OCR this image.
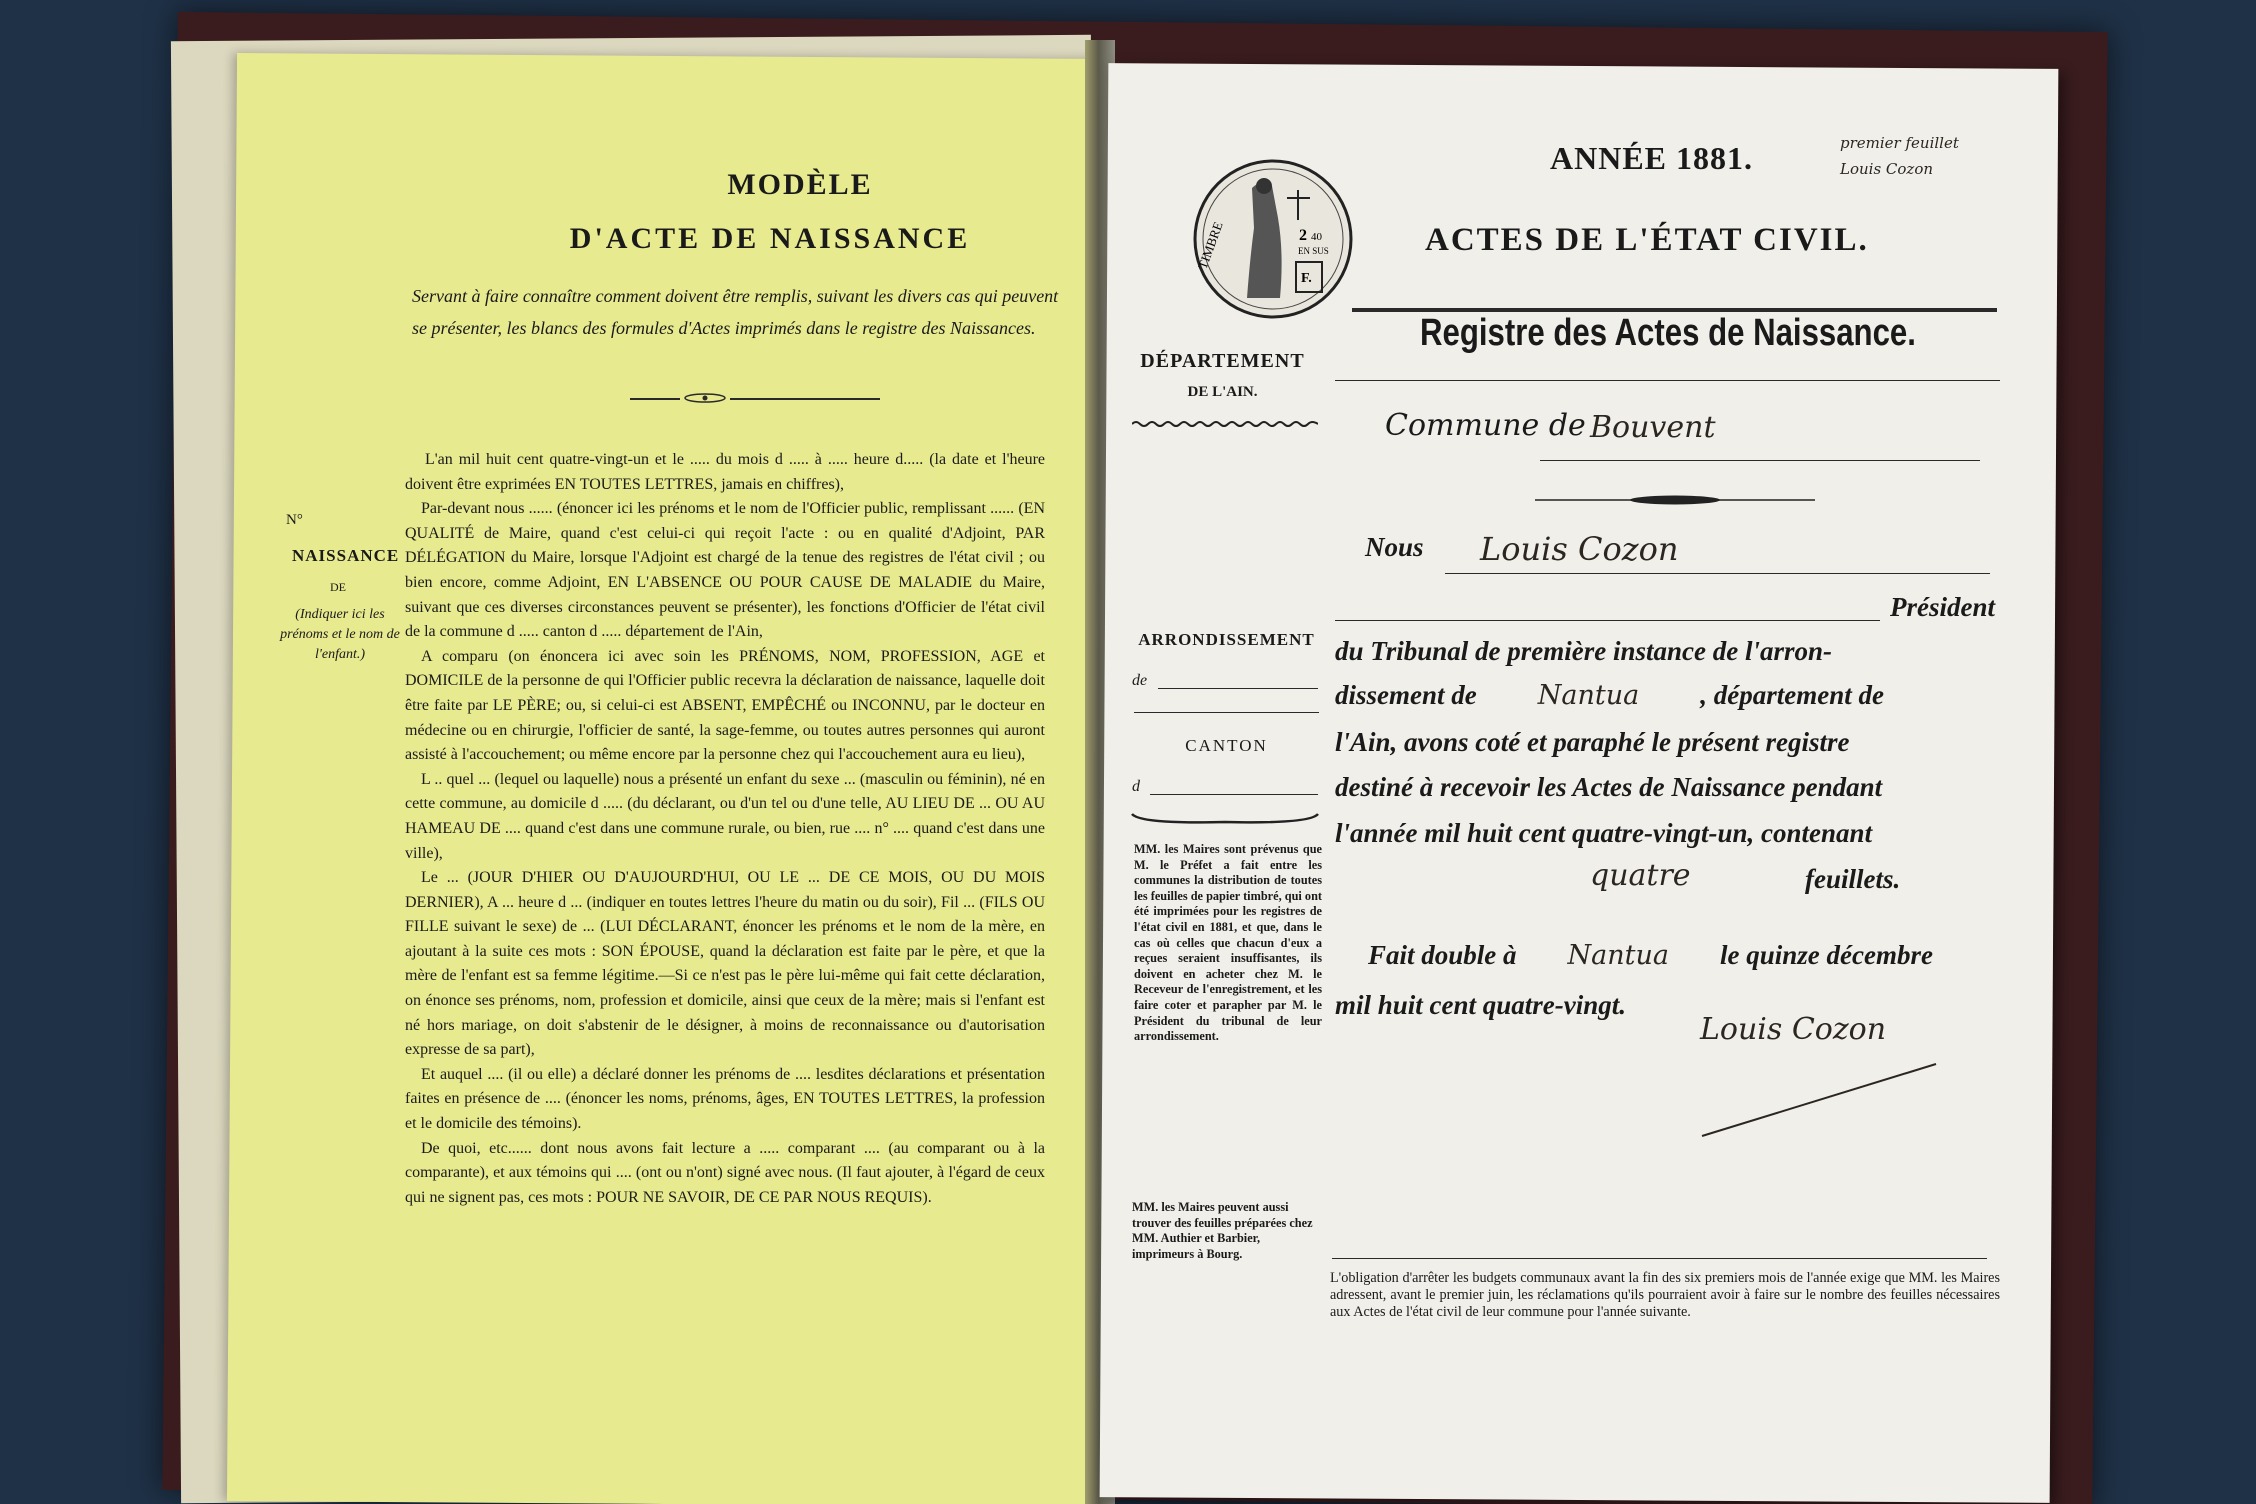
MODÈLE
D'ACTE DE NAISSANCE
Servant à faire connaître comment doivent être remplis, suivant les divers cas qui peuvent se présenter, les blancs des formules d'Actes imprimés dans le registre des Naissances.
N°
NAISSANCE
DE
(Indiquer ici les prénoms et le nom de l'enfant.)

L'an mil huit cent quatre-vingt-un et le ..... du mois d ..... à ..... heure d..... (la date et l'heure doivent être exprimées EN TOUTES LETTRES, jamais en chiffres),

Par-devant nous ...... (énoncer ici les prénoms et le nom de l'Officier public, remplissant ...... (EN QUALITÉ de Maire, quand c'est celui-ci qui reçoit l'acte : ou en qualité d'Adjoint, PAR DÉLÉGATION du Maire, lorsque l'Adjoint est chargé de la tenue des registres de l'état civil ; ou bien encore, comme Adjoint, EN L'ABSENCE OU POUR CAUSE DE MALADIE du Maire, suivant que ces diverses circonstances peuvent se présenter), les fonctions d'Officier de l'état civil de la commune d ..... canton d ..... département de l'Ain,

A comparu (on énoncera ici avec soin les PRÉNOMS, NOM, PROFESSION, AGE et DOMICILE de la personne de qui l'Officier public recevra la déclaration de naissance, laquelle doit être faite par LE PÈRE; ou, si celui-ci est ABSENT, EMPÊCHÉ ou INCONNU, par le docteur en médecine ou en chirurgie, l'officier de santé, la sage-femme, ou toutes autres personnes qui auront assisté à l'accouchement; ou même encore par la personne chez qui l'accouchement aura eu lieu),

L .. quel ... (lequel ou laquelle) nous a présenté un enfant du sexe ... (masculin ou féminin), né en cette commune, au domicile d ..... (du déclarant, ou d'un tel ou d'une telle, AU LIEU DE ... OU AU HAMEAU DE .... quand c'est dans une commune rurale, ou bien, rue .... n° .... quand c'est dans une ville),

Le ... (JOUR D'HIER OU D'AUJOURD'HUI, OU LE ... DE CE MOIS, OU DU MOIS DERNIER), A ... heure d ... (indiquer en toutes lettres l'heure du matin ou du soir), Fil ... (FILS OU FILLE suivant le sexe) de ... (LUI DÉCLARANT, énoncer les prénoms et le nom de la mère, en ajoutant à la suite ces mots : SON ÉPOUSE, quand la déclaration est faite par le père, et que la mère de l'enfant est sa femme légitime.—Si ce n'est pas le père lui-même qui fait cette déclaration, on énonce ses prénoms, nom, profession et domicile, ainsi que ceux de la mère; mais si l'enfant est né hors mariage, on doit s'abstenir de le désigner, à moins de reconnaissance ou d'autorisation expresse de sa part),

Et auquel .... (il ou elle) a déclaré donner les prénoms de .... lesdites déclarations et présentation faites en présence de .... (énoncer les noms, prénoms, âges, EN TOUTES LETTRES, la profession et le domicile des témoins).

De quoi, etc...... dont nous avons fait lecture a ..... comparant .... (au comparant ou à la comparante), et aux témoins qui .... (ont ou n'ont) signé avec nous. (Il faut ajouter, à l'égard de ceux qui ne signent pas, ces mots : POUR NE SAVOIR, DE CE PAR NOUS REQUIS).

TIMBRE	2 40
EN SUS
F.
ANNÉE 1881.	premier feuillet
Louis Cozon
ACTES DE L'ÉTAT CIVIL.
Registre des Actes de Naissance.
DÉPARTEMENT
DE L'AIN.
Commune de Bouvent
Nous Louis Cozon
Président
du Tribunal de première instance de l'arron-
dissement de Nantua , département de
l'Ain, avons coté et paraphé le présent registre
destiné à recevoir les Actes de Naissance pendant
l'année mil huit cent quatre-vingt-un, contenant
quatre	feuillets.
Fait double à Nantua le quinze décembre
mil huit cent quatre-vingt.
Louis Cozon
ARRONDISSEMENT
de
CANTON
d
MM. les Maires sont prévenus que M. le Préfet a fait entre les communes la distribution de toutes les feuilles de papier timbré, qui ont été imprimées pour les registres de l'état civil en 1881, et que, dans le cas où celles que chacun d'eux a reçues seraient insuffisantes, ils doivent en acheter chez M. le Receveur de l'enregistrement, et les faire coter et parapher par M. le Président du tribunal de leur arrondissement.
MM. les Maires peuvent aussi trouver des feuilles préparées chez MM. Authier et Barbier, imprimeurs à Bourg.
L'obligation d'arrêter les budgets communaux avant la fin des six premiers mois de l'année exige que MM. les Maires adressent, avant le premier juin, les réclamations qu'ils pourraient avoir à faire sur le nombre des feuilles nécessaires aux Actes de l'état civil de leur commune pour l'année suivante.
